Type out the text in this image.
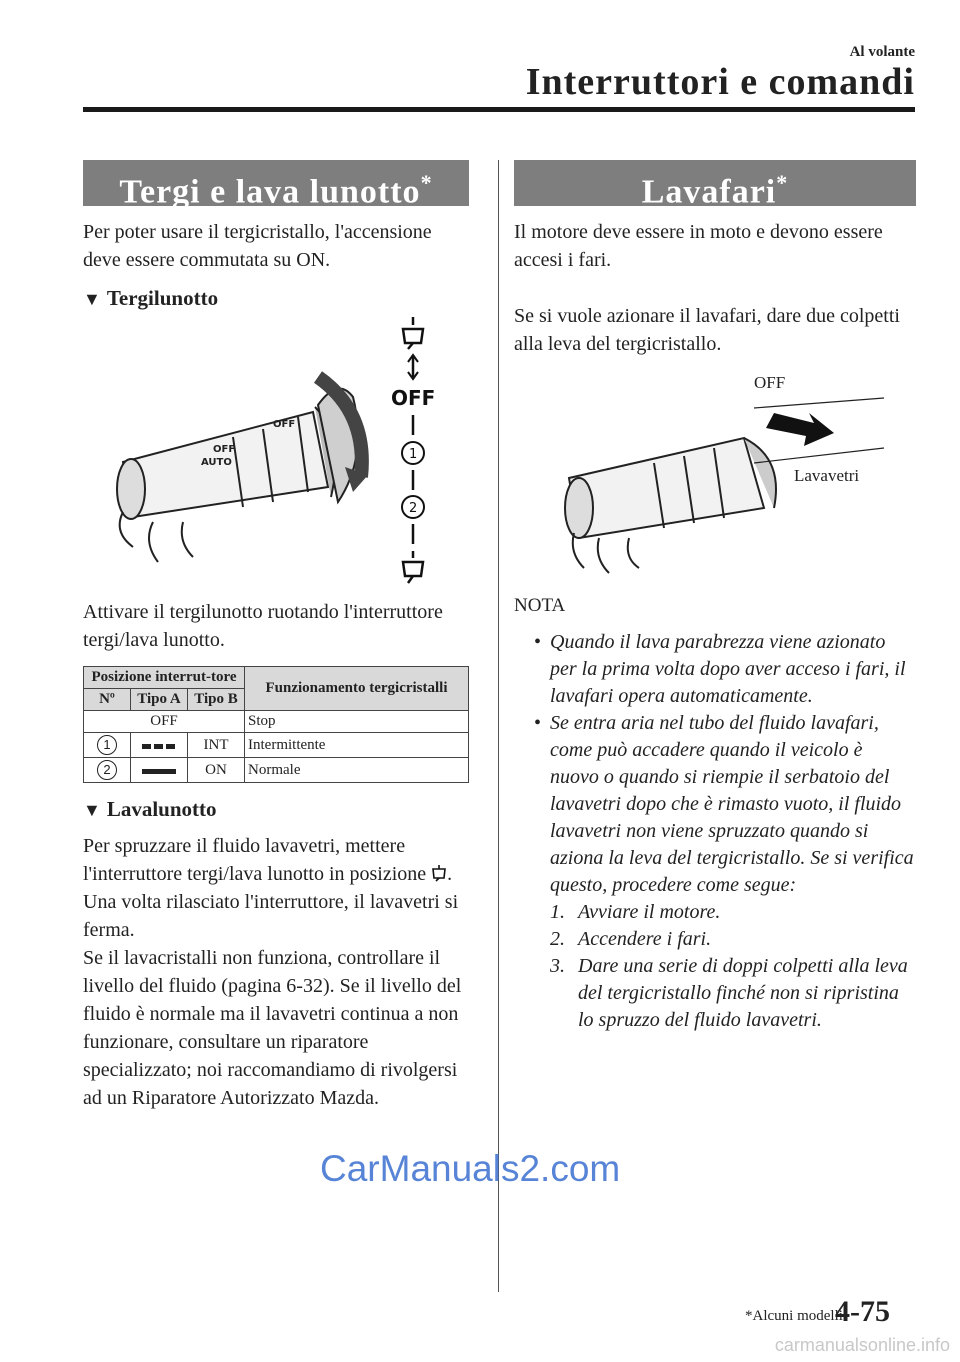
Al volante
Interruttori e comandi
Tergi e lava lunotto*

Per poter usare il tergicristallo, l'accensione deve essere commutata su ON.

▼ Tergilunotto

OFF
AUTO
OFF
OFF
1
2

Attivare il tergilunotto ruotando l'interruttore tergi/lava lunotto.

Posizione interrut-tore			Funzionamento tergicristalli
Nº	Tipo A	Tipo B	
OFF			Stop
1		INT	Intermittente
2		ON	Normale

▼ Lavalunotto

Per spruzzare il fluido lavavetri, mettere l'interruttore tergi/lava lunotto in posizione . Una volta rilasciato l'interruttore, il lavavetri si ferma.

Se il lavacristalli non funziona, controllare il livello del fluido (pagina 6-32). Se il livello del fluido è normale ma il lavavetri continua a non funzionare, consultare un riparatore specializzato; noi raccomandiamo di rivolgersi ad un Riparatore Autorizzato Mazda.

Lavafari*

Il motore deve essere in moto e devono essere accesi i fari.

Se si vuole azionare il lavafari, dare due colpetti alla leva del tergicristallo.

OFF
Lavavetri
NOTA
• Quando il lava parabrezza viene azionato per la prima volta dopo aver acceso i fari, il lavafari opera automaticamente.
• Se entra aria nel tubo del fluido lavafari, come può accadere quando il veicolo è nuovo o quando si riempie il serbatoio del lavavetri dopo che è rimasto vuoto, il fluido lavavetri non viene spruzzato quando si aziona la leva del tergicristallo. Se si verifica questo, procedere come segue:
1. Avviare il motore.
2. Accendere i fari.
3. Dare una serie di doppi colpetti alla leva del tergicristallo finché non si ripristina lo spruzzo del fluido lavavetri.
*Alcuni modelli.
4-75
CarManuals2.com
carmanualsonline.info
